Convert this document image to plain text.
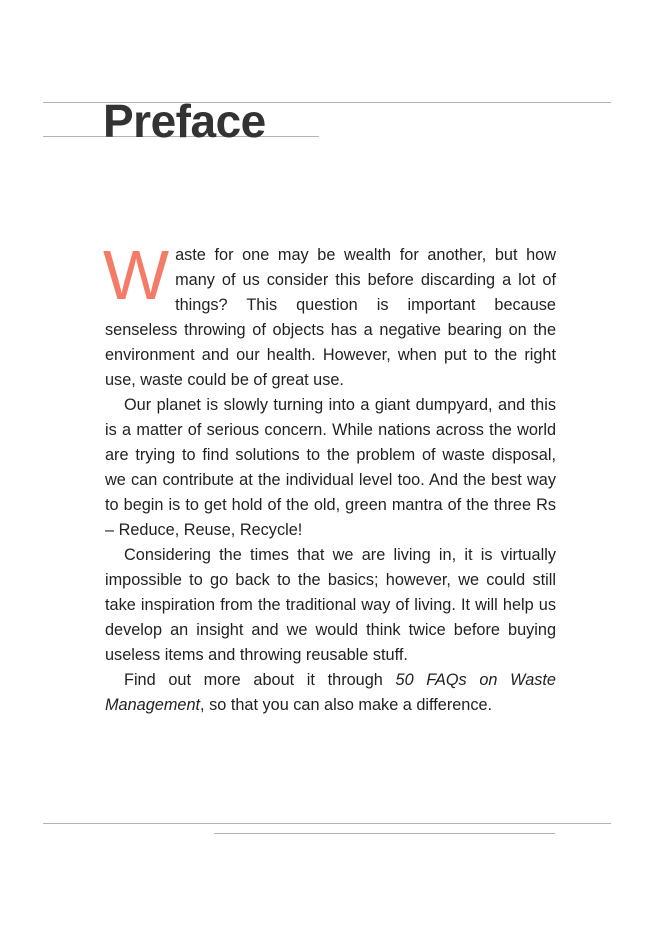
Preface

Waste for one may be wealth for another, but how many of us consider this before discarding a lot of things? This question is important because senseless throwing of objects has a negative bearing on the environment and our health. However, when put to the right use, waste could be of great use.

Our planet is slowly turning into a giant dumpyard, and this is a matter of serious concern. While nations across the world are trying to find solutions to the problem of waste disposal, we can contribute at the individual level too. And the best way to begin is to get hold of the old, green mantra of the three Rs – Reduce, Reuse, Recycle!

Considering the times that we are living in, it is virtually impossible to go back to the basics; however, we could still take inspiration from the traditional way of living. It will help us develop an insight and we would think twice before buying useless items and throwing reusable stuff.

Find out more about it through 50 FAQs on Waste Management, so that you can also make a difference.
